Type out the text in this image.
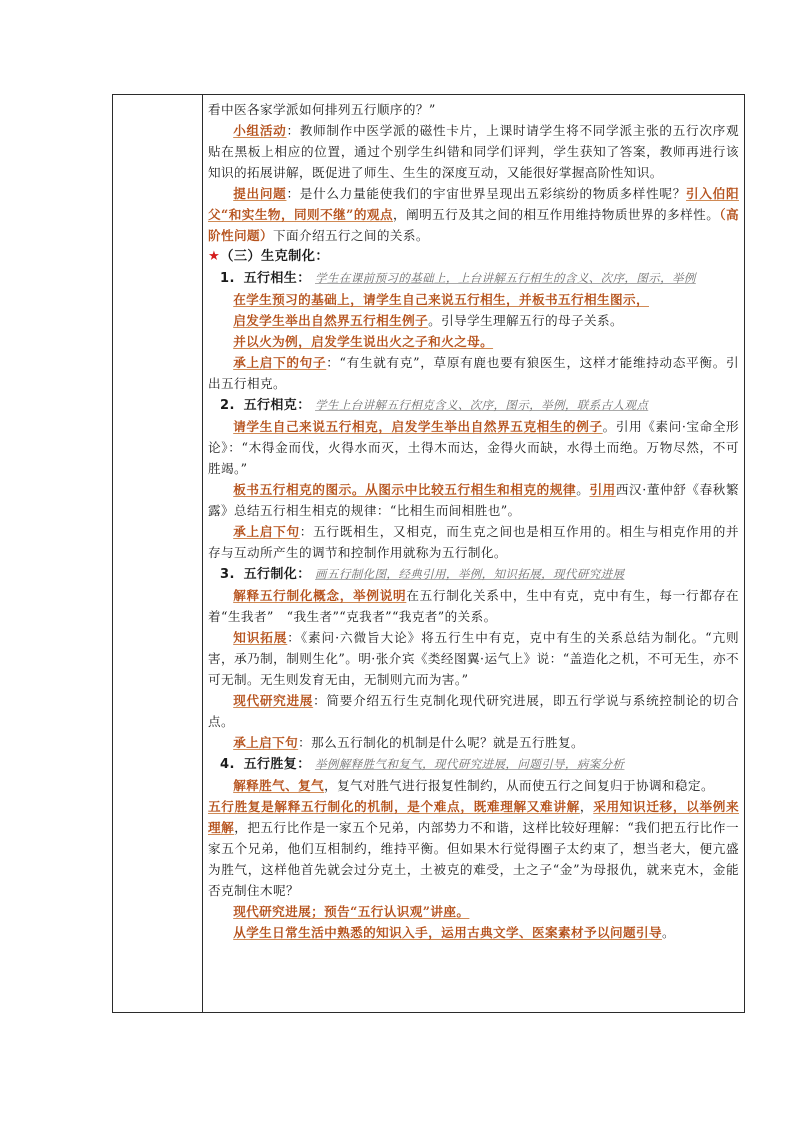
看中医各家学派如何排列五行顺序的？”

小组活动：教师制作中医学派的磁性卡片，上课时请学生将不同学派主张的五行次序观贴在黑板上相应的位置，通过个别学生纠错和同学们评判，学生获知了答案，教师再进行该知识的拓展讲解，既促进了师生、生生的深度互动，又能很好掌握高阶性知识。

提出问题：是什么力量能使我们的宇宙世界呈现出五彩缤纷的物质多样性呢？引入伯阳父“和实生物，同则不继”的观点，阐明五行及其之间的相互作用维持物质世界的多样性。（高阶性问题）下面介绍五行之间的关系。

★（三）生克制化：

1. 五行相生： 学生在课前预习的基础上，上台讲解五行相生的含义、次序，图示，举例

在学生预习的基础上，请学生自己来说五行相生，并板书五行相生图示，

启发学生举出自然界五行相生例子。引导学生理解五行的母子关系。

并以火为例，启发学生说出火之子和火之母。

承上启下的句子：“有生就有克”，草原有鹿也要有狼医生，这样才能维持动态平衡。引出五行相克。

2. 五行相克： 学生上台讲解五行相克含义、次序，图示，举例，联系古人观点

请学生自己来说五行相克，启发学生举出自然界五克相生的例子。引用《素问·宝命全形论》：“木得金而伐，火得水而灭，土得木而达，金得火而缺，水得土而绝。万物尽然，不可胜竭。”

板书五行相克的图示。从图示中比较五行相生和相克的规律。引用西汉·董仲舒《春秋繁露》总结五行相生相克的规律：“比相生而间相胜也”。

承上启下句：五行既相生，又相克，而生克之间也是相互作用的。相生与相克作用的并存与互动所产生的调节和控制作用就称为五行制化。

3. 五行制化： 画五行制化图，经典引用，举例，知识拓展，现代研究进展

解释五行制化概念，举例说明在五行制化关系中，生中有克，克中有生，每一行都存在着“生我者”　“我生者”“克我者”“我克者”的关系。

知识拓展：《素问·六微旨大论》将五行生中有克，克中有生的关系总结为制化。“亢则害，承乃制，制则生化”。明·张介宾《类经图翼·运气上》说：“盖造化之机，不可无生，亦不可无制。无生则发育无由，无制则亢而为害。”

现代研究进展：简要介绍五行生克制化现代研究进展，即五行学说与系统控制论的切合点。

承上启下句：那么五行制化的机制是什么呢？就是五行胜复。

4. 五行胜复： 举例解释胜气和复气，现代研究进展，问题引导，病案分析

解释胜气、复气，复气对胜气进行报复性制约，从而使五行之间复归于协调和稳定。

五行胜复是解释五行制化的机制，是个难点，既难理解又难讲解，采用知识迁移，以举例来理解，把五行比作是一家五个兄弟，内部势力不和谐，这样比较好理解：“我们把五行比作一家五个兄弟，他们互相制约，维持平衡。但如果木行觉得圈子太约束了，想当老大，便亢盛为胜气，这样他首先就会过分克土，土被克的难受，土之子“金”为母报仇，就来克木，金能否克制住木呢？

现代研究进展；预告“五行认识观”讲座。

从学生日常生活中熟悉的知识入手，运用古典文学、医案素材予以问题引导。
